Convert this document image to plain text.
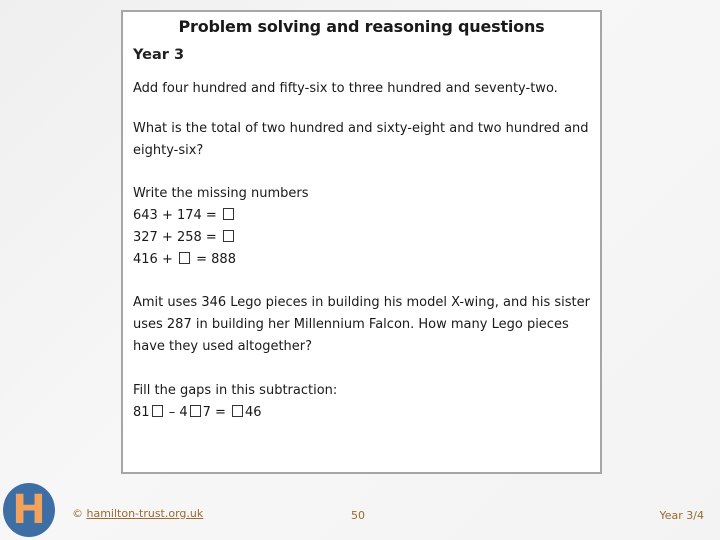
Problem solving and reasoning questions
Year 3
Add four hundred and fifty-six to three hundred and seventy-two.
What is the total of two hundred and sixty-eight and two hundred and
eighty-six?
Write the missing numbers
643 + 174 =
327 + 258 =
416 + = 888
Amit uses 346 Lego pieces in building his model X-wing, and his sister
uses 287 in building her Millennium Falcon. How many Lego pieces
have they used altogether?
Fill the gaps in this subtraction:
81 – 4 7 = 46
H © hamilton-trust.org.uk	50	Year 3/4
